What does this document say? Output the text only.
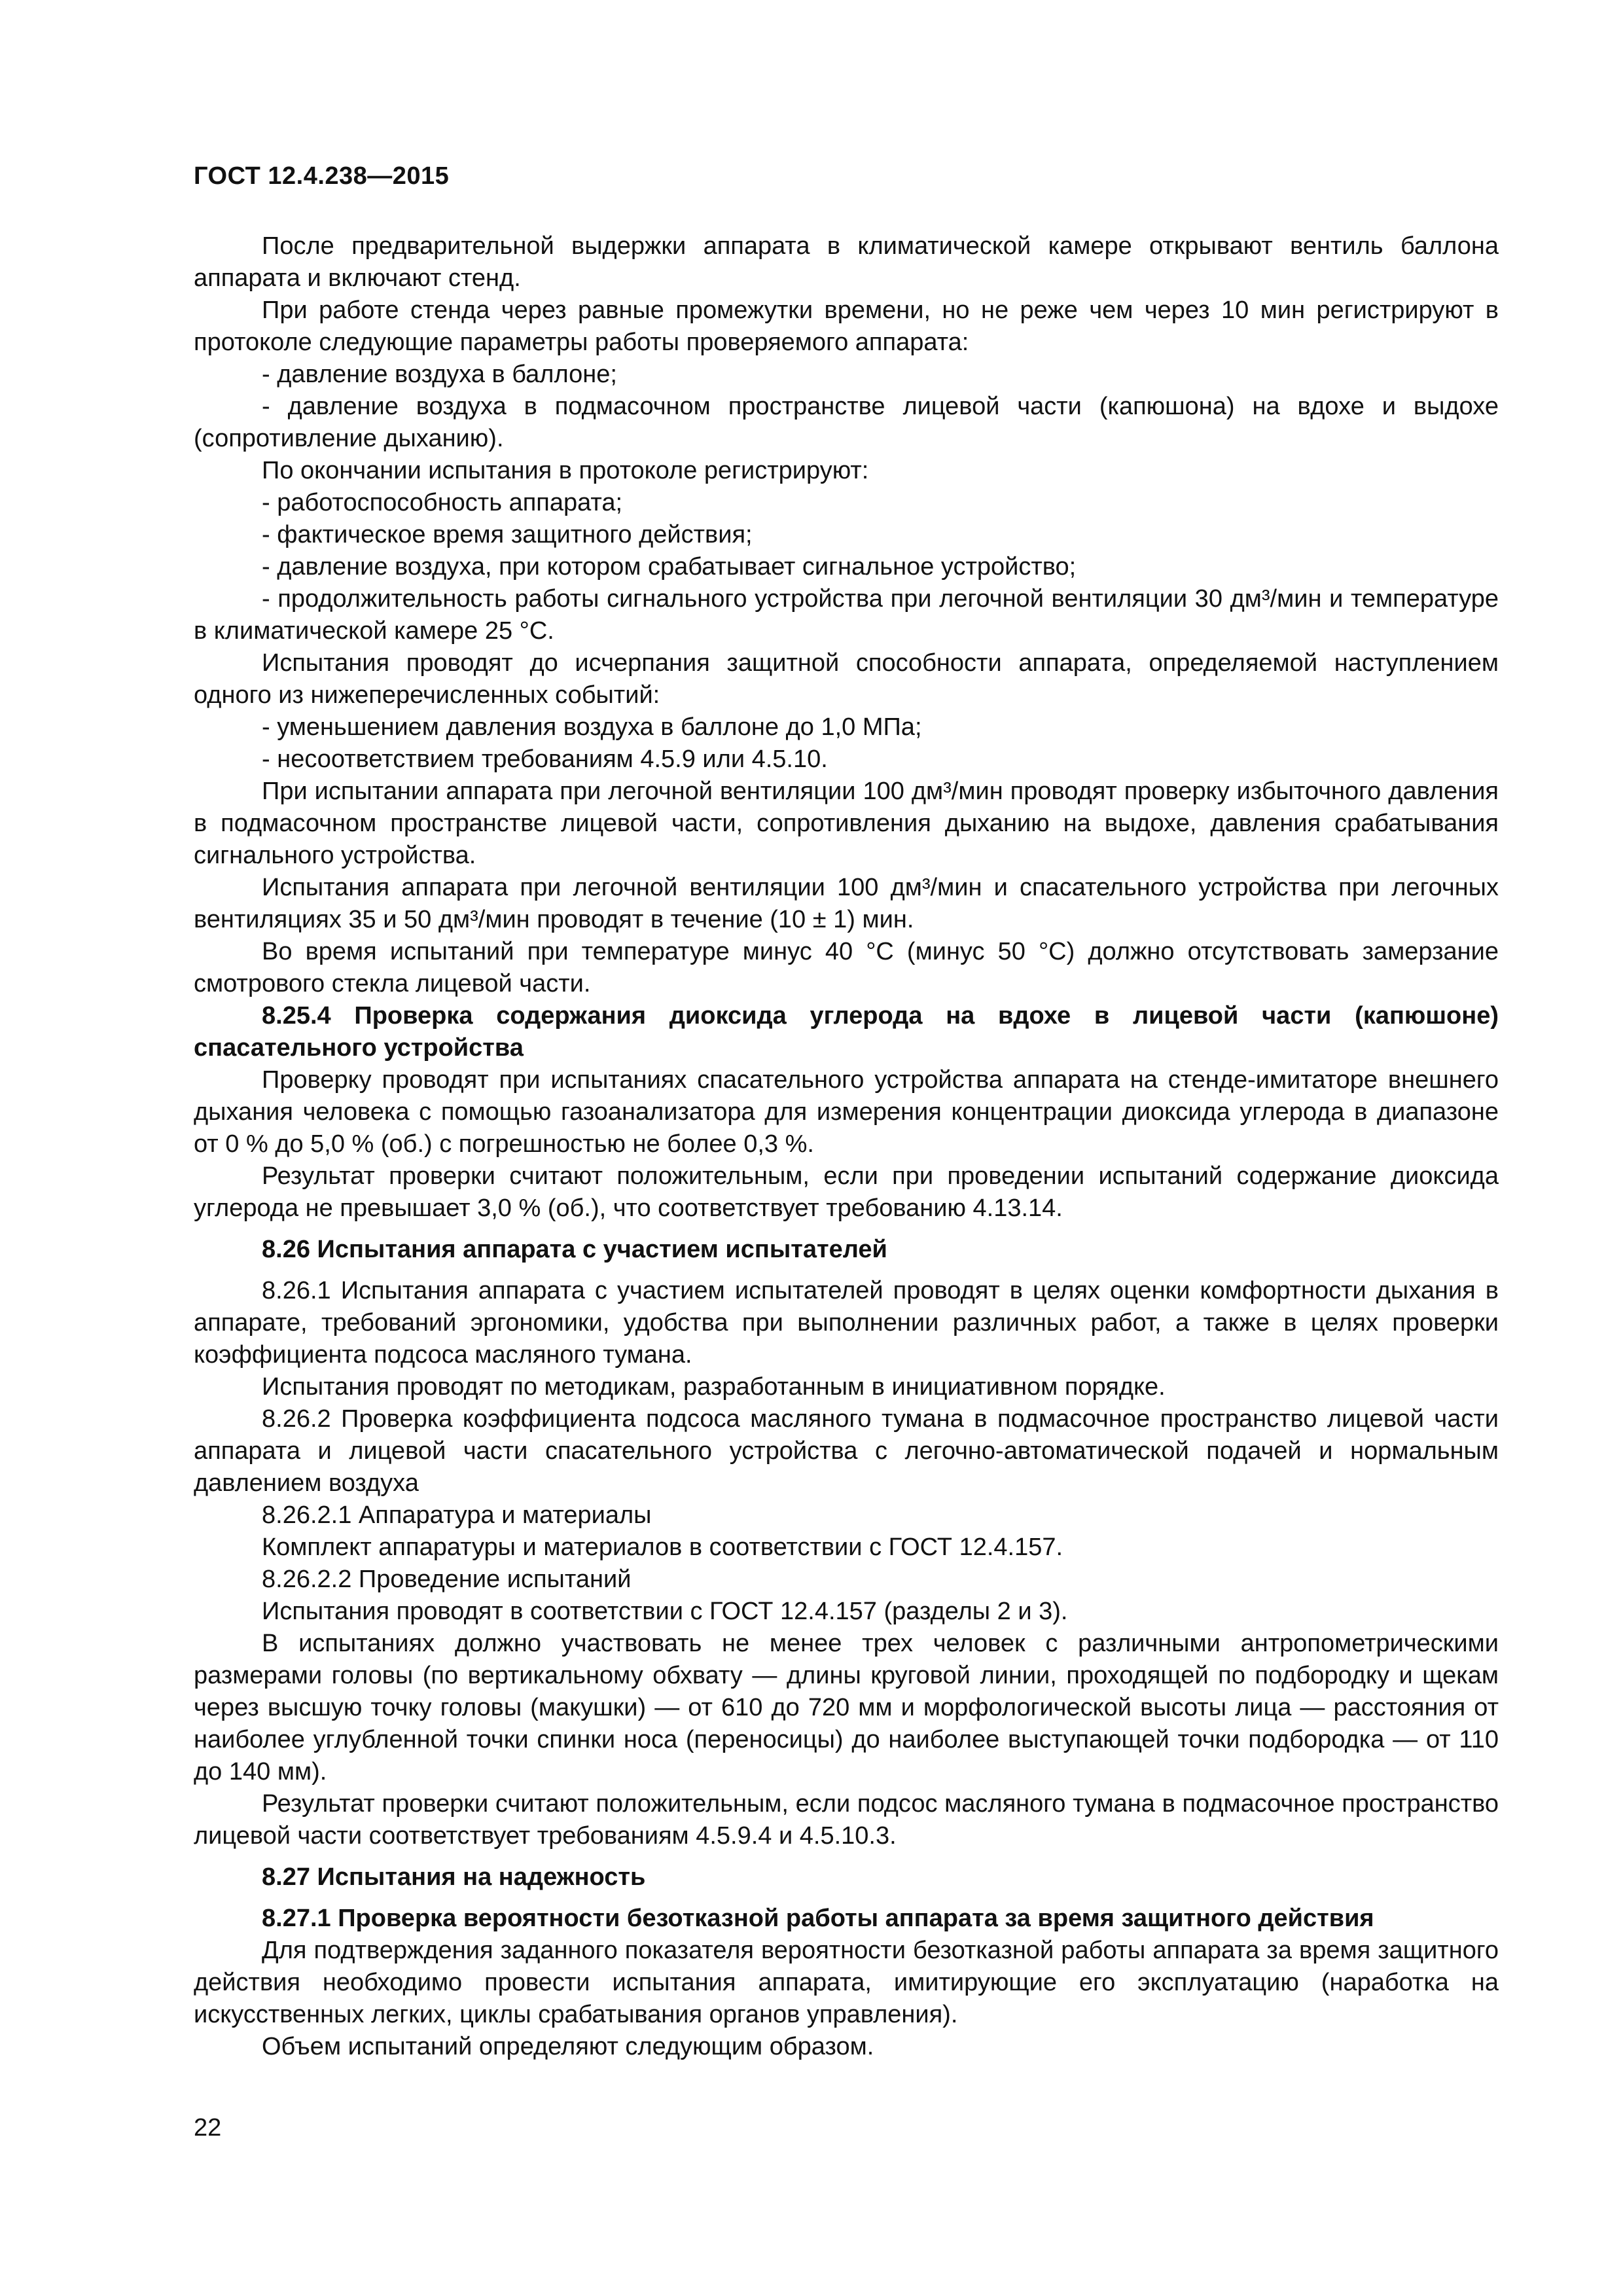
ГОСТ 12.4.238—2015

После предварительной выдержки аппарата в климатической камере открывают вентиль баллона аппарата и включают стенд.

При работе стенда через равные промежутки времени, но не реже чем через 10 мин регистрируют в протоколе следующие параметры работы проверяемого аппарата:

- давление воздуха в баллоне;

- давление воздуха в подмасочном пространстве лицевой части (капюшона) на вдохе и выдохе (сопротивление дыханию).

По окончании испытания в протоколе регистрируют:

- работоспособность аппарата;

- фактическое время защитного действия;

- давление воздуха, при котором срабатывает сигнальное устройство;

- продолжительность работы сигнального устройства при легочной вентиляции 30 дм³/мин и температуре в климатической камере 25 °С.

Испытания проводят до исчерпания защитной способности аппарата, определяемой наступлением одного из нижеперечисленных событий:

- уменьшением давления воздуха в баллоне до 1,0 МПа;

- несоответствием требованиям 4.5.9 или 4.5.10.

При испытании аппарата при легочной вентиляции 100 дм³/мин проводят проверку избыточного давления в подмасочном пространстве лицевой части, сопротивления дыханию на выдохе, давления срабатывания сигнального устройства.

Испытания аппарата при легочной вентиляции 100 дм³/мин и спасательного устройства при легочных вентиляциях 35 и 50 дм³/мин проводят в течение (10 ± 1) мин.

Во время испытаний при температуре минус 40 °С (минус 50 °С) должно отсутствовать замерзание смотрового стекла лицевой части.

8.25.4 Проверка содержания диоксида углерода на вдохе в лицевой части (капюшоне) спасательного устройства

Проверку проводят при испытаниях спасательного устройства аппарата на стенде-имитаторе внешнего дыхания человека с помощью газоанализатора для измерения концентрации диоксида углерода в диапазоне от 0 % до 5,0 % (об.) с погрешностью не более 0,3 %.

Результат проверки считают положительным, если при проведении испытаний содержание диоксида углерода не превышает 3,0 % (об.), что соответствует требованию 4.13.14.

8.26 Испытания аппарата с участием испытателей

8.26.1 Испытания аппарата с участием испытателей проводят в целях оценки комфортности дыхания в аппарате, требований эргономики, удобства при выполнении различных работ, а также в целях проверки коэффициента подсоса масляного тумана.

Испытания проводят по методикам, разработанным в инициативном порядке.

8.26.2 Проверка коэффициента подсоса масляного тумана в подмасочное пространство лицевой части аппарата и лицевой части спасательного устройства с легочно-автоматической подачей и нормальным давлением воздуха

8.26.2.1 Аппаратура и материалы

Комплект аппаратуры и материалов в соответствии с ГОСТ 12.4.157.

8.26.2.2 Проведение испытаний

Испытания проводят в соответствии с ГОСТ 12.4.157 (разделы 2 и 3).

В испытаниях должно участвовать не менее трех человек с различными антропометрическими размерами головы (по вертикальному обхвату — длины круговой линии, проходящей по подбородку и щекам через высшую точку головы (макушки) — от 610 до 720 мм и морфологической высоты лица — расстояния от наиболее углубленной точки спинки носа (переносицы) до наиболее выступающей точки подбородка — от 110 до 140 мм).

Результат проверки считают положительным, если подсос масляного тумана в подмасочное пространство лицевой части соответствует требованиям 4.5.9.4 и 4.5.10.3.

8.27 Испытания на надежность

8.27.1 Проверка вероятности безотказной работы аппарата за время защитного действия

Для подтверждения заданного показателя вероятности безотказной работы аппарата за время защитного действия необходимо провести испытания аппарата, имитирующие его эксплуатацию (наработка на искусственных легких, циклы срабатывания органов управления).

Объем испытаний определяют следующим образом.

22
